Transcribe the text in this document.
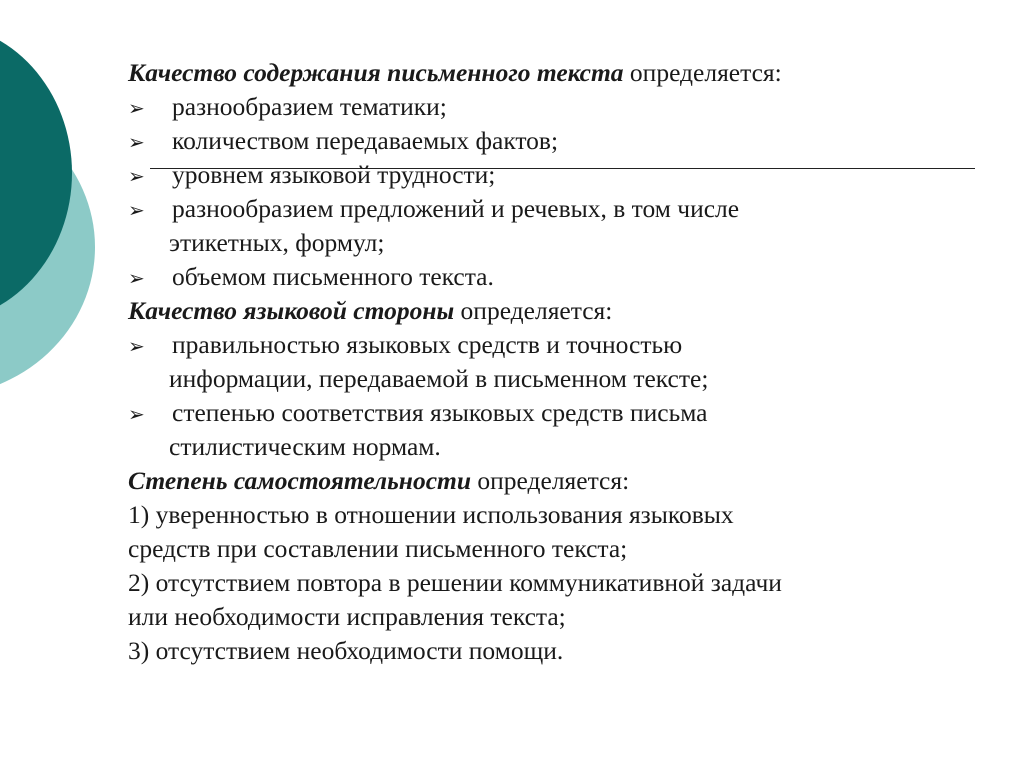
Качество содержания письменного текста определяется:
➢ разнообразием тематики;
➢ количеством передаваемых фактов;
➢ уровнем языковой трудности;
➢ разнообразием предложений и речевых, в том числе
этикетных, формул;
➢ объемом письменного текста.
Качество языковой стороны определяется:
➢ правильностью языковых средств и точностью
информации, передаваемой в письменном тексте;
➢ степенью соответствия языковых средств письма
стилистическим нормам.
Степень самостоятельности определяется:
1) уверенностью в отношении использования языковых
средств при составлении письменного текста;
2) отсутствием повтора в решении коммуникативной задачи
или необходимости исправления текста;
3) отсутствием необходимости помощи.
